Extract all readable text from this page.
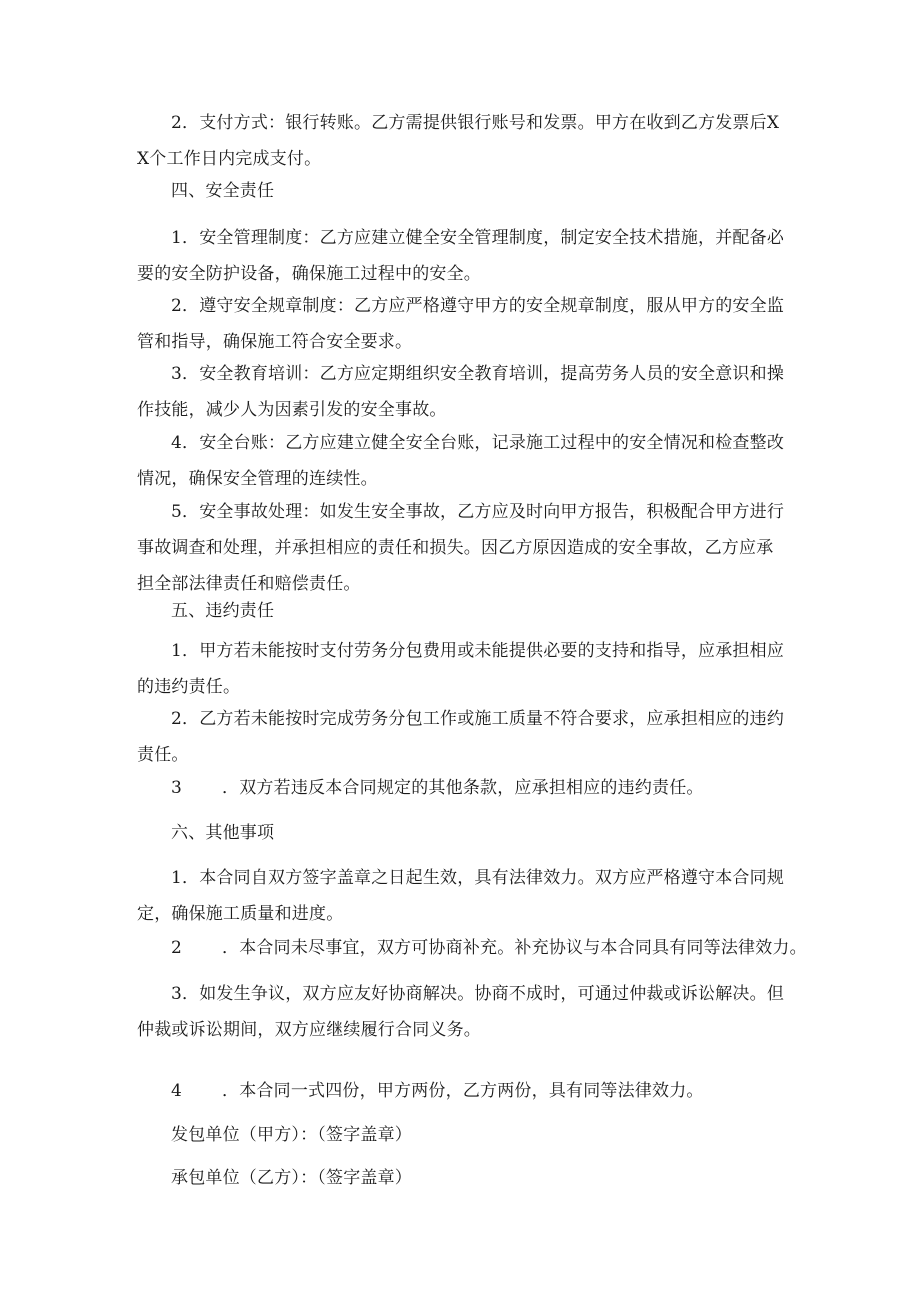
2．支付方式：银行转账。乙方需提供银行账号和发票。甲方在收到乙方发票后XX个工作日内完成支付。

四、安全责任

1．安全管理制度：乙方应建立健全安全管理制度，制定安全技术措施，并配备必要的安全防护设备，确保施工过程中的安全。

2．遵守安全规章制度：乙方应严格遵守甲方的安全规章制度，服从甲方的安全监管和指导，确保施工符合安全要求。

3．安全教育培训：乙方应定期组织安全教育培训，提高劳务人员的安全意识和操作技能，减少人为因素引发的安全事故。

4．安全台账：乙方应建立健全安全台账，记录施工过程中的安全情况和检查整改情况，确保安全管理的连续性。

5．安全事故处理：如发生安全事故，乙方应及时向甲方报告，积极配合甲方进行事故调查和处理，并承担相应的责任和损失。因乙方原因造成的安全事故，乙方应承担全部法律责任和赔偿责任。

五、违约责任

1．甲方若未能按时支付劳务分包费用或未能提供必要的支持和指导，应承担相应的违约责任。

2．乙方若未能按时完成劳务分包工作或施工质量不符合要求，应承担相应的违约责任。

3 ．双方若违反本合同规定的其他条款，应承担相应的违约责任。

六、其他事项

1．本合同自双方签字盖章之日起生效，具有法律效力。双方应严格遵守本合同规定，确保施工质量和进度。

2 ．本合同未尽事宜，双方可协商补充。补充协议与本合同具有同等法律效力。

3．如发生争议，双方应友好协商解决。协商不成时，可通过仲裁或诉讼解决。但仲裁或诉讼期间，双方应继续履行合同义务。

4 ．本合同一式四份，甲方两份，乙方两份，具有同等法律效力。

发包单位（甲方）：（签字盖章）

承包单位（乙方）：（签字盖章）
